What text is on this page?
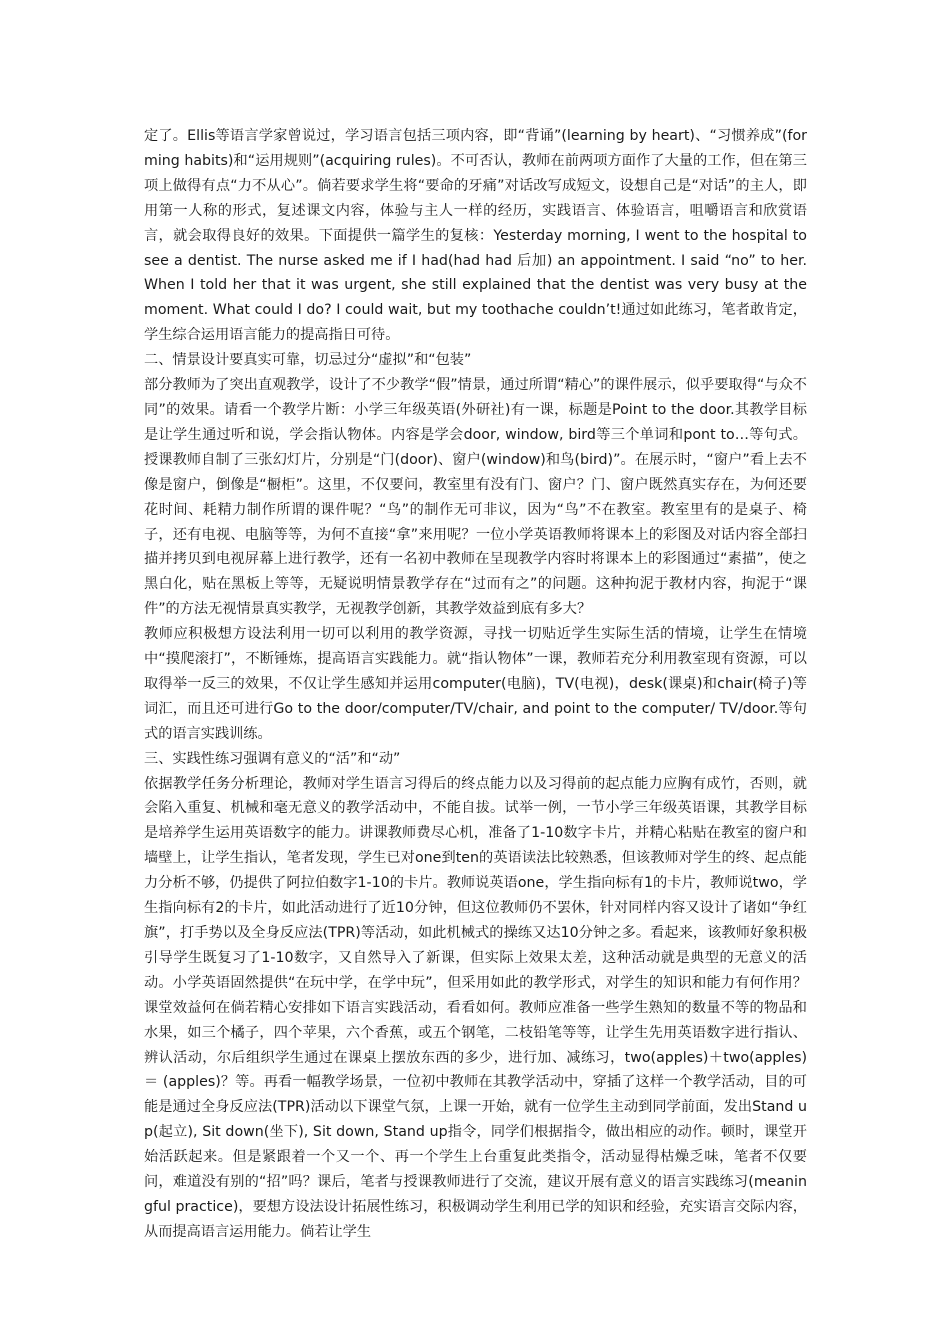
定了。Ellis等语言学家曾说过，学习语言包括三项内容，即“背诵”(learning by heart)、“习惯养成”(forming habits)和“运用规则”(acquiring rules)。不可否认，教师在前两项方面作了大量的工作，但在第三项上做得有点“力不从心”。倘若要求学生将“要命的牙痛”对话改写成短文，设想自己是“对话”的主人，即用第一人称的形式，复述课文内容，体验与主人一样的经历，实践语言、体验语言，咀嚼语言和欣赏语言，就会取得良好的效果。下面提供一篇学生的复核：Yesterday morning, I went to the hospital to see a dentist. The nurse asked me if I had(had had 后加) an appointment. I said “no” to her. When I told her that it was urgent, she still explained that the dentist was very busy at the moment. What could I do? I could wait, but my toothache couldn’t!通过如此练习，笔者敢肯定，学生综合运用语言能力的提高指日可待。

二、情景设计要真实可靠，切忌过分“虚拟”和“包装”

部分教师为了突出直观教学，设计了不少教学“假”情景，通过所谓“精心”的课件展示，似乎要取得“与众不同”的效果。请看一个教学片断：小学三年级英语(外研社)有一课，标题是Point to the door.其教学目标是让学生通过听和说，学会指认物体。内容是学会door, window, bird等三个单词和pont to…等句式。授课教师自制了三张幻灯片，分别是“门(door)、窗户(window)和鸟(bird)”。在展示时，“窗户”看上去不像是窗户，倒像是“橱柜”。这里，不仅要问，教室里有没有门、窗户？门、窗户既然真实存在，为何还要花时间、耗精力制作所谓的课件呢？“鸟”的制作无可非议，因为“鸟”不在教室。教室里有的是桌子、椅子，还有电视、电脑等等，为何不直接“拿”来用呢？一位小学英语教师将课本上的彩图及对话内容全部扫描并拷贝到电视屏幕上进行教学，还有一名初中教师在呈现教学内容时将课本上的彩图通过“素描”，使之黑白化，贴在黑板上等等，无疑说明情景教学存在“过而有之”的问题。这种拘泥于教材内容，拘泥于“课件”的方法无视情景真实教学，无视教学创新，其教学效益到底有多大？

教师应积极想方设法利用一切可以利用的教学资源，寻找一切贴近学生实际生活的情境，让学生在情境中“摸爬滚打”，不断锤炼，提高语言实践能力。就“指认物体”一课，教师若充分利用教室现有资源，可以取得举一反三的效果，不仅让学生感知并运用computer(电脑)，TV(电视)，desk(课桌)和chair(椅子)等词汇，而且还可进行Go to the door/computer/TV/chair, and point to the computer/ TV/door.等句式的语言实践训练。

三、实践性练习强调有意义的“活”和“动”

依据教学任务分析理论，教师对学生语言习得后的终点能力以及习得前的起点能力应胸有成竹，否则，就会陷入重复、机械和毫无意义的教学活动中，不能自拔。试举一例，一节小学三年级英语课，其教学目标是培养学生运用英语数字的能力。讲课教师费尽心机，准备了1-10数字卡片，并精心粘贴在教室的窗户和墙壁上，让学生指认，笔者发现，学生已对one到ten的英语读法比较熟悉，但该教师对学生的终、起点能力分析不够，仍提供了阿拉伯数字1-10的卡片。教师说英语one，学生指向标有1的卡片，教师说two，学生指向标有2的卡片，如此活动进行了近10分钟，但这位教师仍不罢休，针对同样内容又设计了诸如“争红旗”，打手势以及全身反应法(TPR)等活动，如此机械式的操练又达10分钟之多。看起来，该教师好象积极引导学生既复习了1-10数字，又自然导入了新课，但实际上效果太差，这种活动就是典型的无意义的活动。小学英语固然提供“在玩中学，在学中玩”，但采用如此的教学形式，对学生的知识和能力有何作用？课堂效益何在倘若精心安排如下语言实践活动，看看如何。教师应准备一些学生熟知的数量不等的物品和水果，如三个橘子，四个苹果，六个香蕉，或五个钢笔，二枝铅笔等等，让学生先用英语数字进行指认、辨认活动，尔后组织学生通过在课桌上摆放东西的多少，进行加、减练习，two(apples)＋two(apples)＝ (apples)？等。再看一幅教学场景，一位初中教师在其教学活动中，穿插了这样一个教学活动，目的可能是通过全身反应法(TPR)活动以下课堂气氛，上课一开始，就有一位学生主动到同学前面，发出Stand up(起立), Sit down(坐下), Sit down, Stand up指令，同学们根据指令，做出相应的动作。顿时，课堂开始活跃起来。但是紧跟着一个又一个、再一个学生上台重复此类指令，活动显得枯燥乏味，笔者不仅要问，难道没有别的“招”吗？课后，笔者与授课教师进行了交流，建议开展有意义的语言实践练习(meaningful practice)，要想方设法设计拓展性练习，积极调动学生利用已学的知识和经验，充实语言交际内容，从而提高语言运用能力。倘若让学生
